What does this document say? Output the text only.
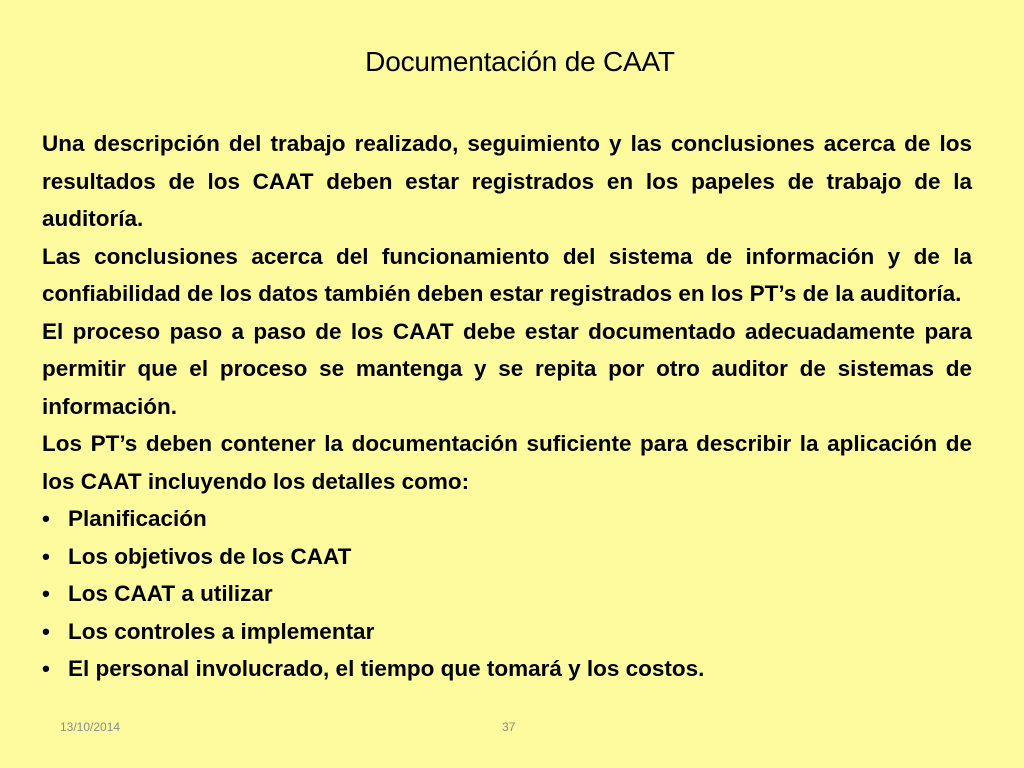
Documentación de CAAT

Una descripción del trabajo realizado, seguimiento y las conclusiones acerca de los resultados de los CAAT deben estar registrados en los papeles de trabajo de la auditoría.

Las conclusiones acerca del funcionamiento del sistema de información y de la confiabilidad de los datos también deben estar registrados en los PT’s de la auditoría.

El proceso paso a paso de los CAAT debe estar documentado adecuadamente para permitir que el proceso se mantenga y se repita por otro auditor de sistemas de información.

Los PT’s deben contener la documentación suficiente para describir la aplicación de los CAAT incluyendo los detalles como:

• Planificación
• Los objetivos de los CAAT
• Los CAAT a utilizar
• Los controles a implementar
• El personal involucrado, el tiempo que tomará y los costos.
13/10/2014	37
